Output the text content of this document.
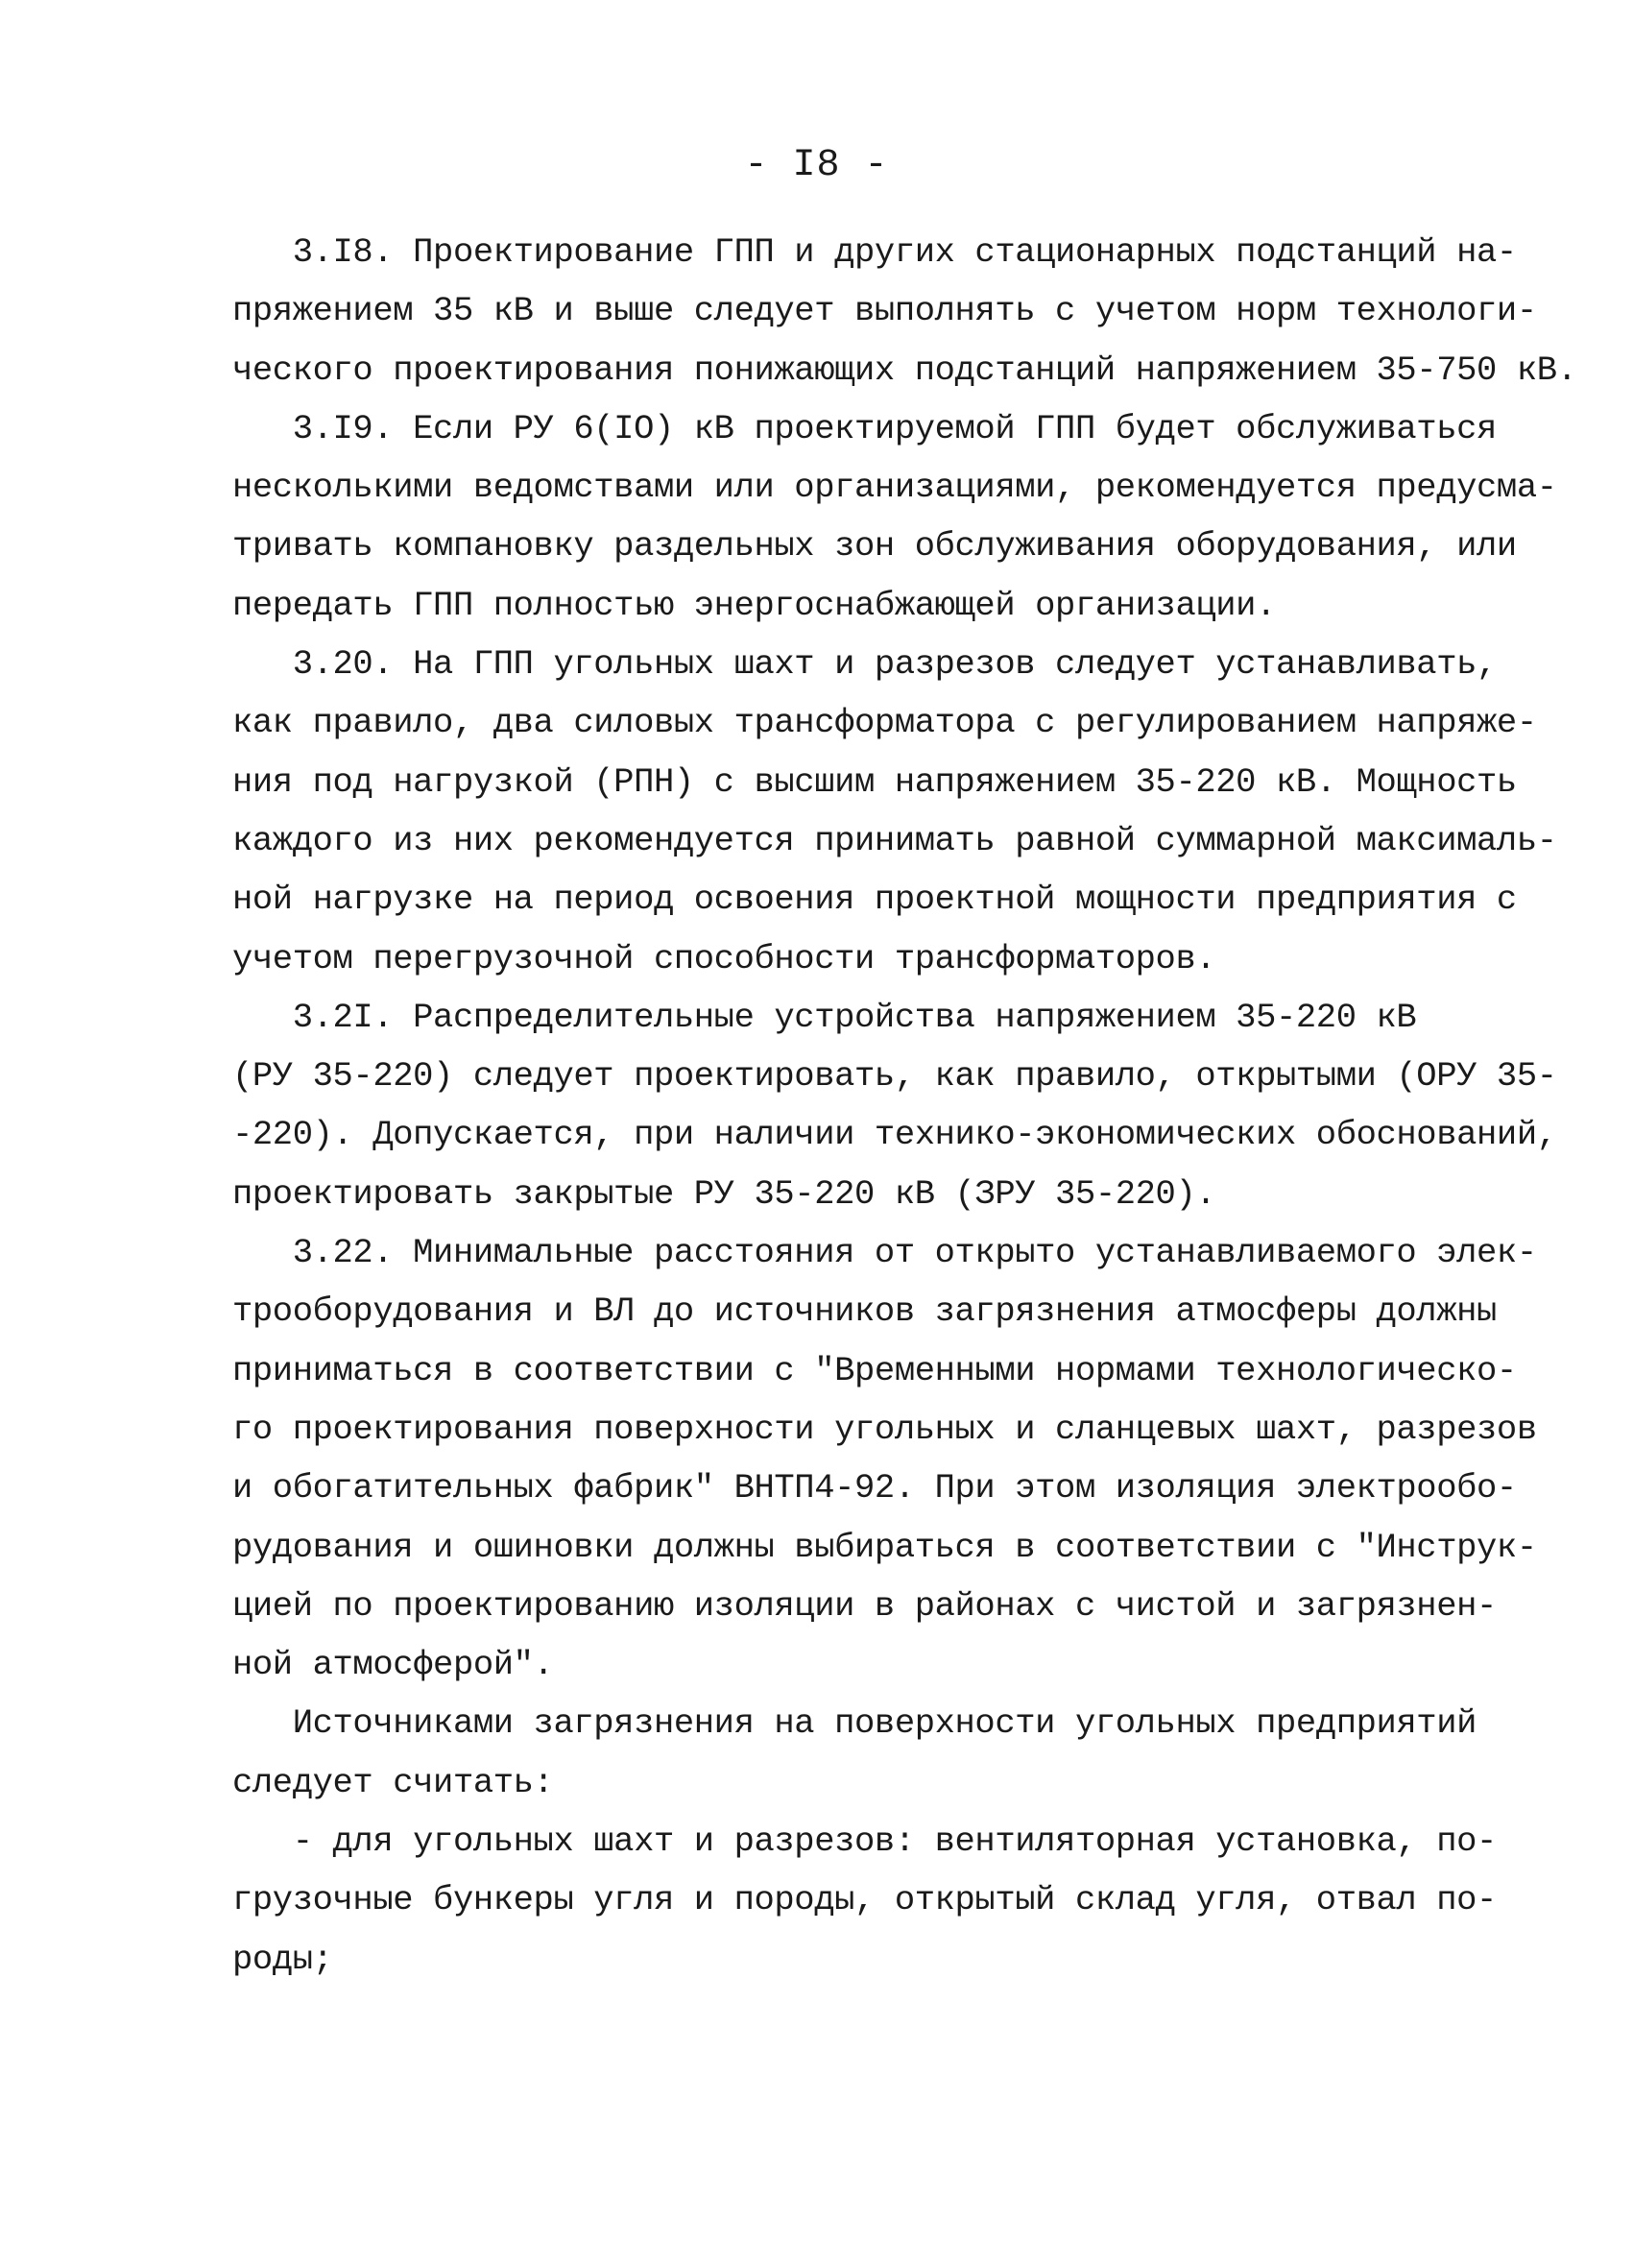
- I8 -
3.I8. Проектирование ГПП и других стационарных подстанций на-
пряжением 35 кВ и выше следует выполнять с учетом норм технологи-
ческого проектирования понижающих подстанций напряжением 35-750 кВ.
3.I9. Если РУ 6(IO) кВ проектируемой ГПП будет обслуживаться
несколькими ведомствами или организациями, рекомендуется предусма-
тривать компановку раздельных зон обслуживания оборудования, или
передать ГПП полностью энергоснабжающей организации.
3.20. На ГПП угольных шахт и разрезов следует устанавливать,
как правило, два силовых трансформатора с регулированием напряже-
ния под нагрузкой (РПН) с высшим напряжением 35-220 кВ. Мощность
каждого из них рекомендуется принимать равной суммарной максималь-
ной нагрузке на период освоения проектной мощности предприятия с
учетом перегрузочной способности трансформаторов.
3.2I. Распределительные устройства напряжением 35-220 кВ
(РУ 35-220) следует проектировать, как правило, открытыми (ОРУ 35-
-220). Допускается, при наличии технико-экономических обоснований,
проектировать закрытые РУ 35-220 кВ (ЗРУ 35-220).
3.22. Минимальные расстояния от открыто устанавливаемого элек-
трооборудования и ВЛ до источников загрязнения атмосферы должны
приниматься в соответствии с "Временными нормами технологическо-
го проектирования поверхности угольных и сланцевых шахт, разрезов
и обогатительных фабрик" ВНТП4-92. При этом изоляция электрообо-
рудования и ошиновки должны выбираться в соответствии с "Инструк-
цией по проектированию изоляции в районах с чистой и загрязнен-
ной атмосферой".
Источниками загрязнения на поверхности угольных предприятий
следует считать:
- для угольных шахт и разрезов: вентиляторная установка, по-
грузочные бункеры угля и породы, открытый склад угля, отвал по-
роды;
